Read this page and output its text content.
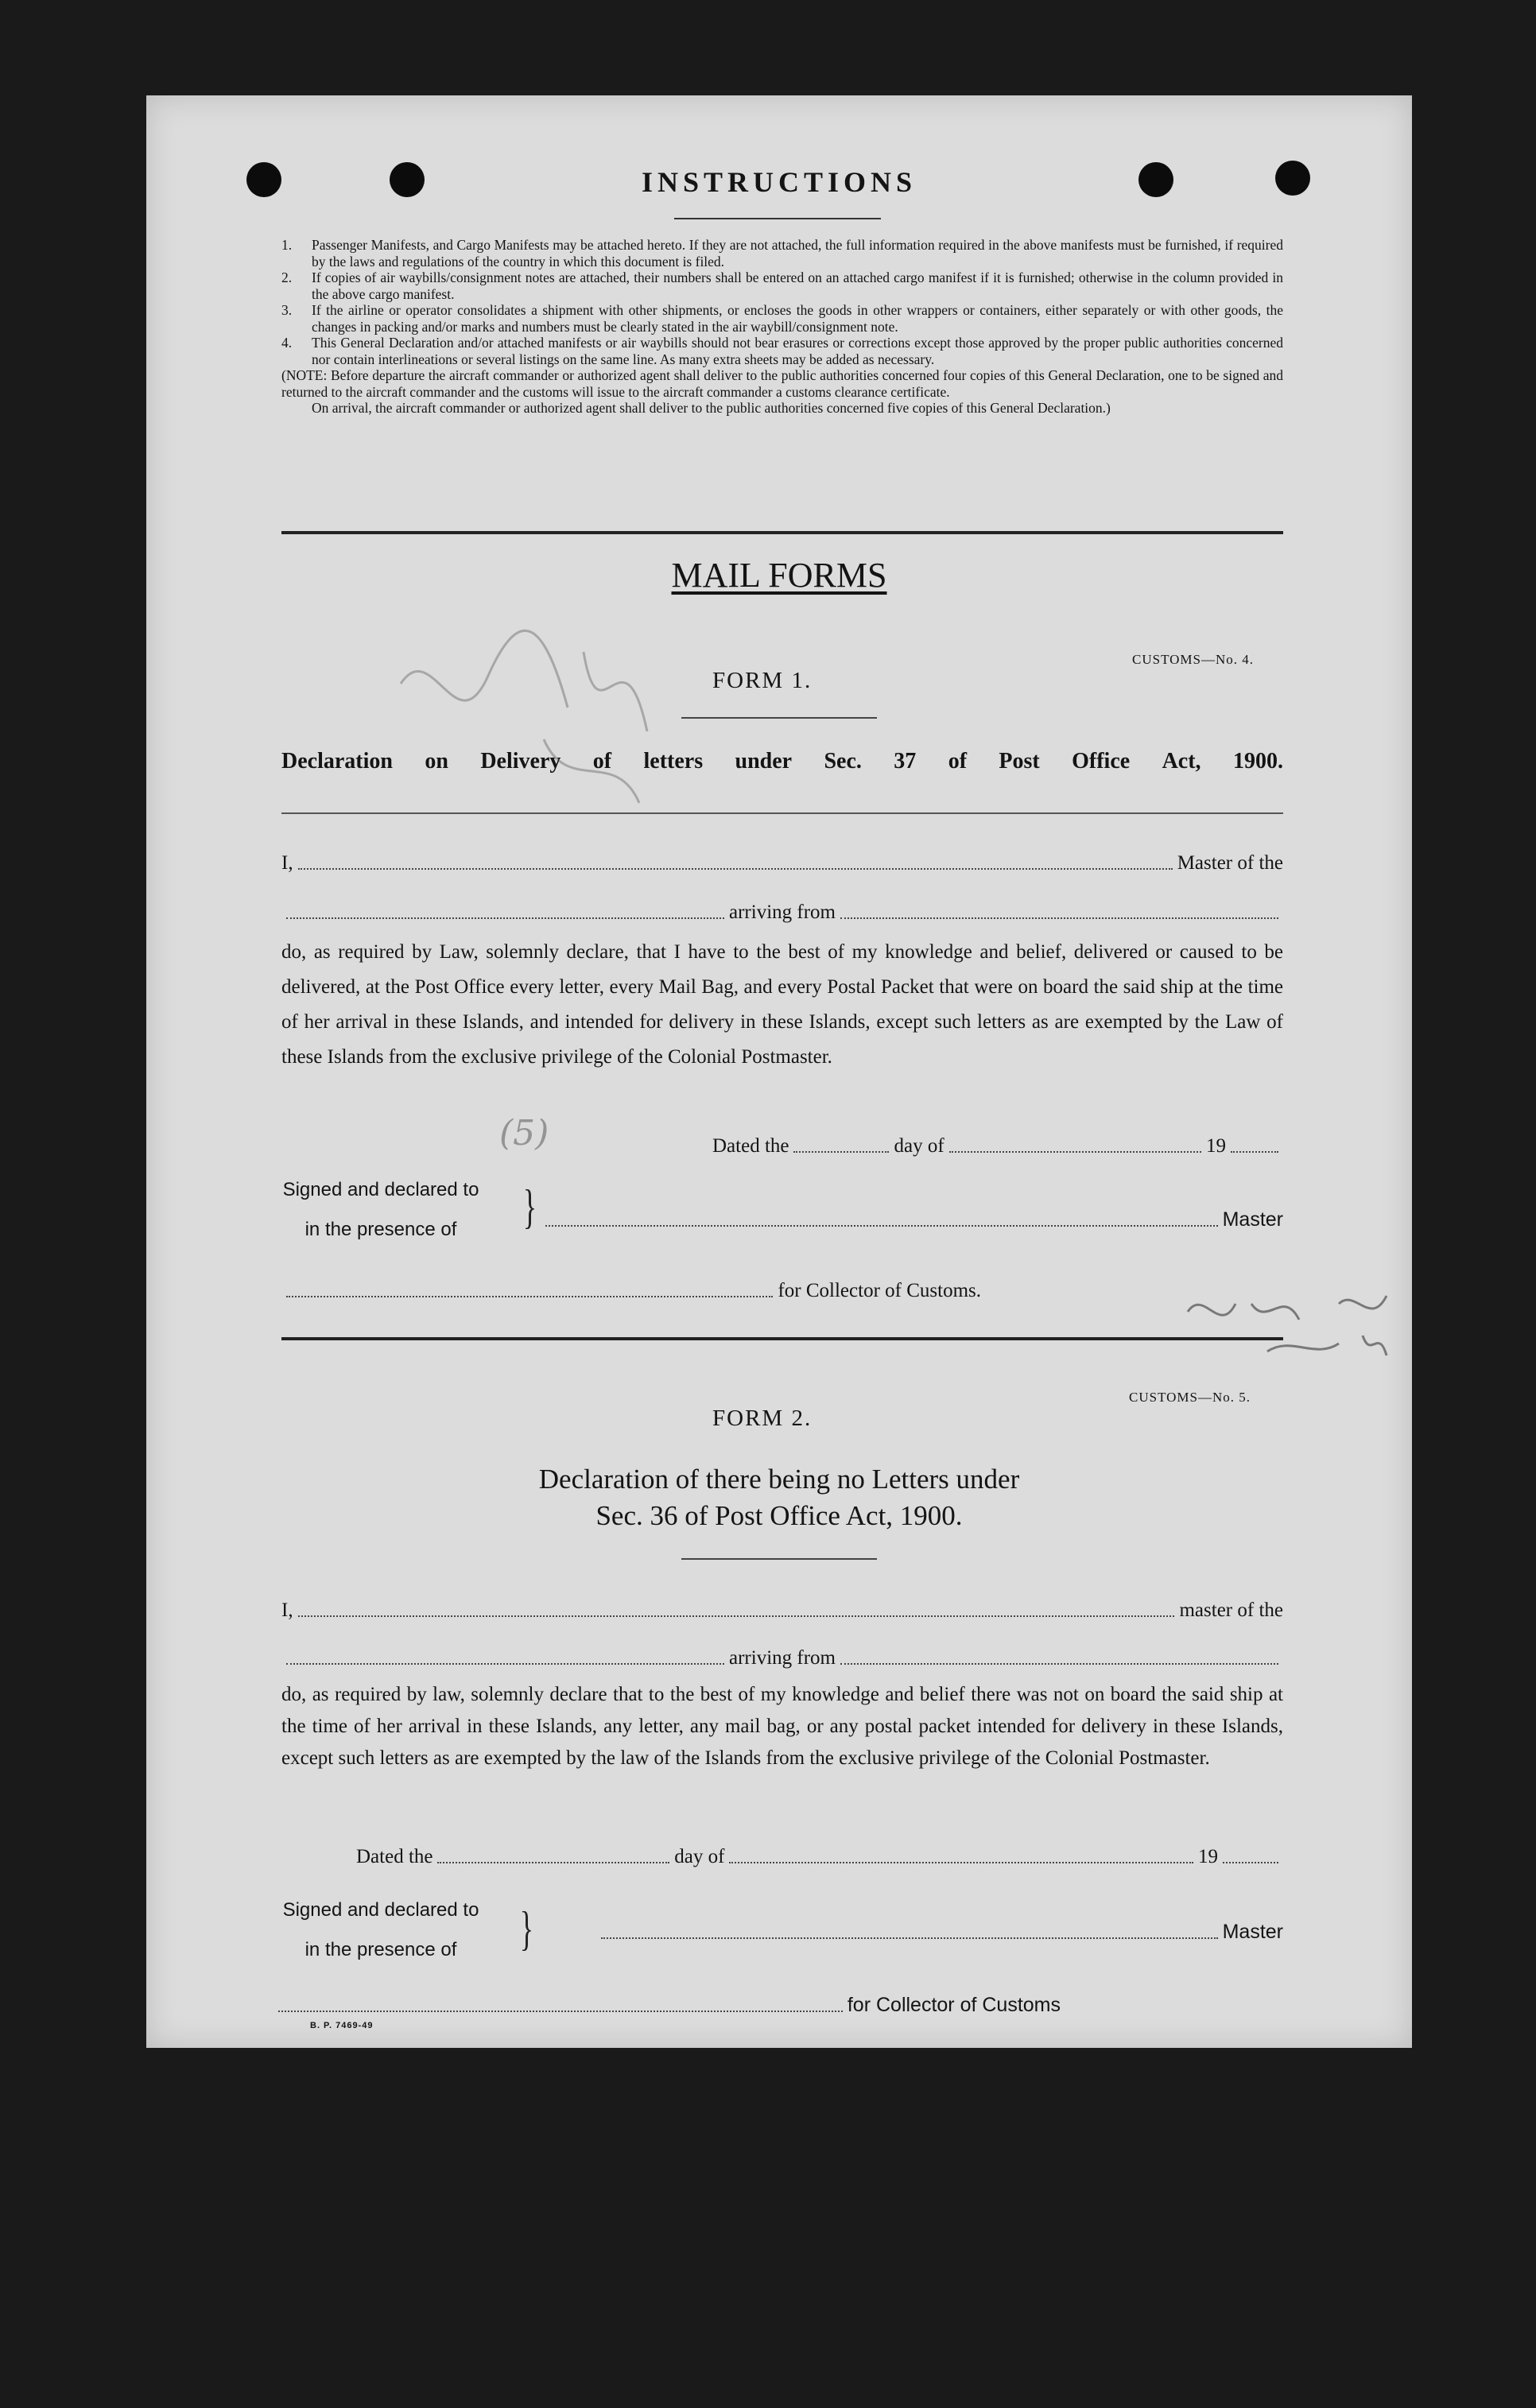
INSTRUCTIONS
1.	Passenger Manifests, and Cargo Manifests may be attached hereto. If they are not attached, the full information required in the above manifests must be furnished, if required by the laws and regulations of the country in which this document is filed.
2.	If copies of air waybills/consignment notes are attached, their numbers shall be entered on an attached cargo manifest if it is furnished; otherwise in the column provided in the above cargo manifest.
3.	If the airline or operator consolidates a shipment with other shipments, or encloses the goods in other wrappers or containers, either separately or with other goods, the changes in packing and/or marks and numbers must be clearly stated in the air waybill/consignment note.
4.	This General Declaration and/or attached manifests or air waybills should not bear erasures or corrections except those approved by the proper public authorities concerned nor contain interlineations or several listings on the same line. As many extra sheets may be added as necessary.
(NOTE: Before departure the aircraft commander or authorized agent shall deliver to the public authorities concerned four copies of this General Declaration, one to be signed and returned to the aircraft commander and the customs will issue to the aircraft commander a customs clearance certificate.
On arrival, the aircraft commander or authorized agent shall deliver to the public authorities concerned five copies of this General Declaration.)
MAIL FORMS
CUSTOMS—No. 4.
FORM 1.
Declaration on Delivery of letters under Sec. 37 of Post Office Act, 1900.
I,	Master of the
arriving from
do, as required by Law, solemnly declare, that I have to the best of my knowledge and belief, delivered or caused to be delivered, at the Post Office every letter, every Mail Bag, and every Postal Packet that were on board the said ship at the time of her arrival in these Islands, and intended for delivery in these Islands, except such letters as are exempted by the Law of these Islands from the exclusive privilege of the Colonial Postmaster.
Dated the	day of	19
Signed and declared to
in the presence of	}	Master
for Collector of Customs.
CUSTOMS—No. 5.
FORM 2.
Declaration of there being no Letters under
Sec. 36 of Post Office Act, 1900.
I,	master of the
arriving from
do, as required by law, solemnly declare that to the best of my knowledge and belief there was not on board the said ship at the time of her arrival in these Islands, any letter, any mail bag, or any postal packet intended for delivery in these Islands, except such letters as are exempted by the law of the Islands from the exclusive privilege of the Colonial Postmaster.
Dated the	day of	19
Signed and declared to
in the presence of	}	Master
for Collector of Customs
B. P. 7469-49
(5)
